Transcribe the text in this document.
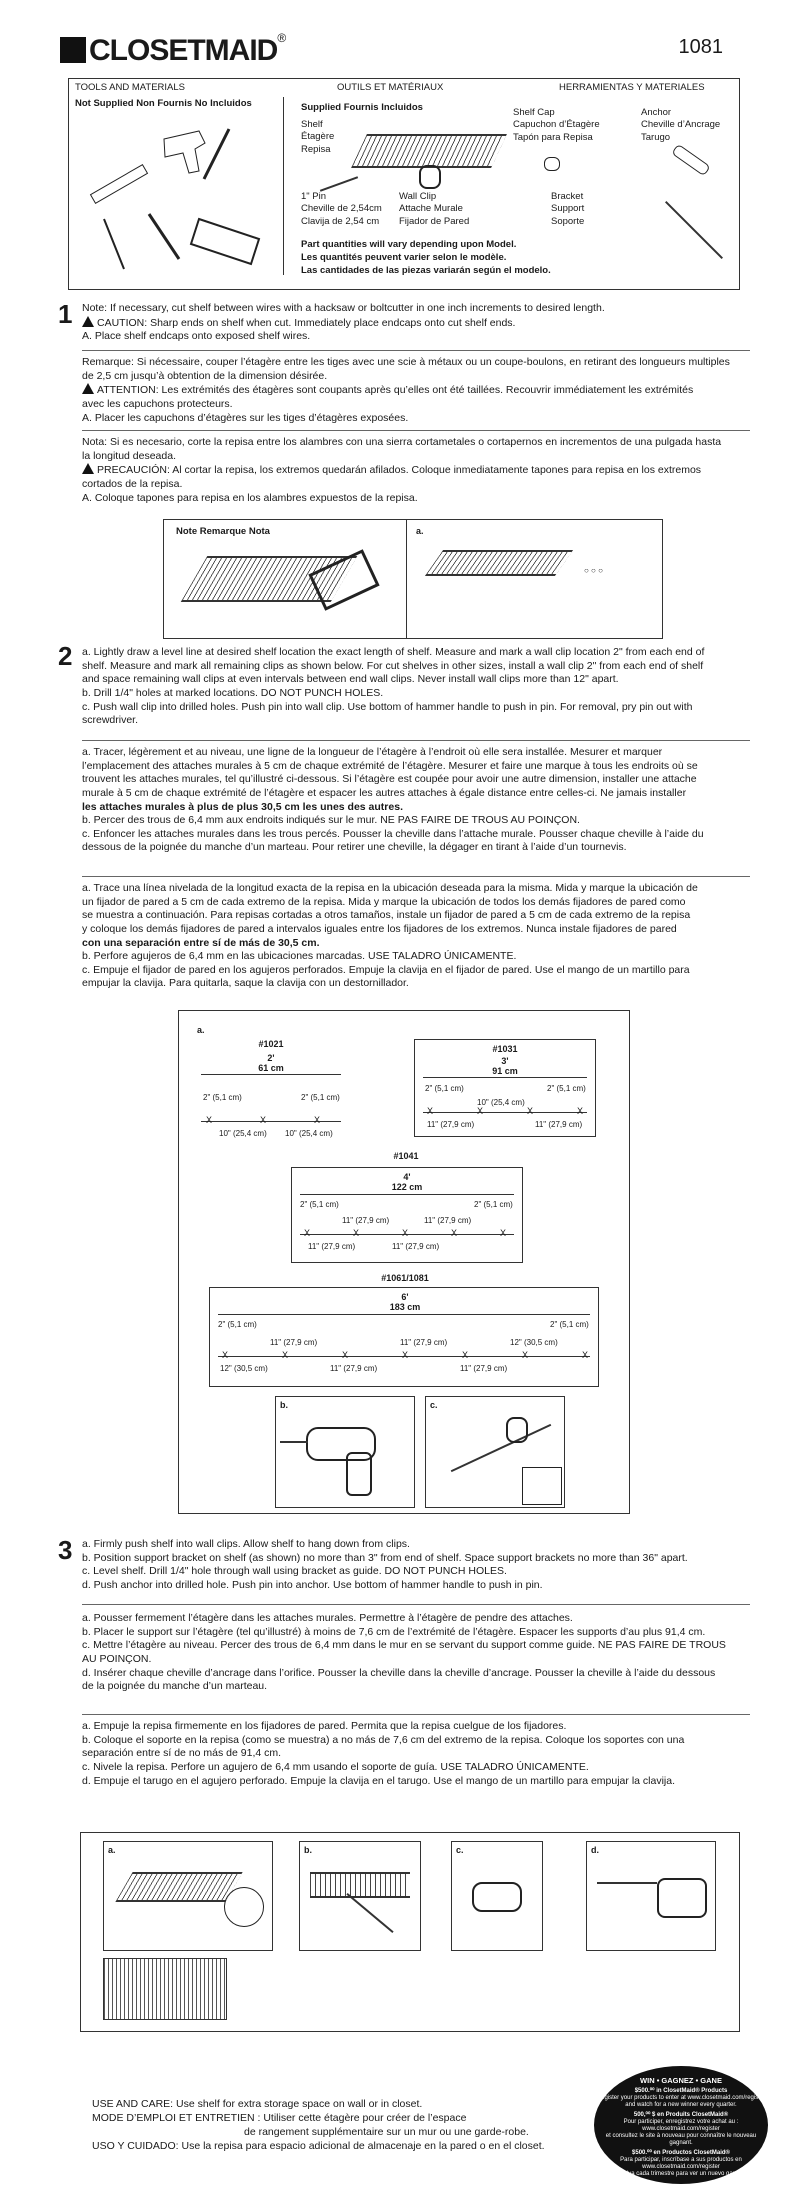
CLOSETMAID®	1081
TOOLS AND MATERIALS	OUTILS ET MATÉRIAUX	HERRAMIENTAS Y MATERIALES
Not Supplied Non Fournis No Incluidos	Supplied Fournis Incluidos
Shelf
Étagère
Repisa
Shelf Cap
Capuchon d’Étagère
Tapón para Repisa
Anchor
Cheville d’Ancrage
Tarugo
1" Pin
Cheville de 2,54cm
Clavija de 2,54 cm
Wall Clip
Attache Murale
Fijador de Pared
Bracket
Support
Soporte
Part quantities will vary depending upon Model.
Les quantités peuvent varier selon le modèle.
Las cantidades de las piezas variarán según el modelo.
1 Note: If necessary, cut shelf between wires with a hacksaw or boltcutter in one inch increments to desired length.
CAUTION: Sharp ends on shelf when cut. Immediately place endcaps onto cut shelf ends.
A. Place shelf endcaps onto exposed shelf wires.
Remarque: Si nécessaire, couper l’étagère entre les tiges avec une scie à métaux ou un coupe-boulons, en retirant des longueurs multiples
de 2,5 cm jusqu’à obtention de la dimension désirée.
ATTENTION: Les extrémités des étagères sont coupants après qu’elles ont été taillées. Recouvrir immédiatement les extrémités
avec les capuchons protecteurs.
A. Placer les capuchons d’étagères sur les tiges d’étagères exposées.
Nota: Si es necesario, corte la repisa entre los alambres con una sierra cortametales o cortapernos en incrementos de una pulgada hasta
la longitud deseada.
PRECAUCIÓN: Al cortar la repisa, los extremos quedarán afilados. Coloque inmediatamente tapones para repisa en los extremos
cortados de la repisa.
A. Coloque tapones para repisa en los alambres expuestos de la repisa.
Note Remarque Nota	a.
○ ○ ○
2 a. Lightly draw a level line at desired shelf location the exact length of shelf. Measure and mark a wall clip location 2" from each end of
shelf. Measure and mark all remaining clips as shown below. For cut shelves in other sizes, install a wall clip 2" from each end of shelf
and space remaining wall clips at even intervals between end wall clips. Never install wall clips more than 12" apart.
b. Drill 1/4" holes at marked locations. DO NOT PUNCH HOLES.
c. Push wall clip into drilled holes. Push pin into wall clip. Use bottom of hammer handle to push in pin. For removal, pry pin out with
screwdriver.
a. Tracer, légèrement et au niveau, une ligne de la longueur de l’étagère à l’endroit où elle sera installée. Mesurer et marquer
l’emplacement des attaches murales à 5 cm de chaque extrémité de l’étagère. Mesurer et faire une marque à tous les endroits où se
trouvent les attaches murales, tel qu’illustré ci-dessous. Si l’étagère est coupée pour avoir une autre dimension, installer une attache
murale à 5 cm de chaque extrémité de l’étagère et espacer les autres attaches à égale distance entre celles-ci. Ne jamais installer
les attaches murales à plus de plus 30,5 cm les unes des autres.
b. Percer des trous de 6,4 mm aux endroits indiqués sur le mur. NE PAS FAIRE DE TROUS AU POINÇON.
c. Enfoncer les attaches murales dans les trous percés. Pousser la cheville dans l’attache murale. Pousser chaque cheville à l’aide du
dessous de la poignée du manche d’un marteau. Pour retirer une cheville, la dégager en tirant à l’aide d’un tournevis.
a. Trace una línea nivelada de la longitud exacta de la repisa en la ubicación deseada para la misma. Mida y marque la ubicación de
un fijador de pared a 5 cm de cada extremo de la repisa. Mida y marque la ubicación de todos los demás fijadores de pared como
se muestra a continuación. Para repisas cortadas a otros tamaños, instale un fijador de pared a 5 cm de cada extremo de la repisa
y coloque los demás fijadores de pared a intervalos iguales entre los fijadores de los extremos. Nunca instale fijadores de pared
con una separación entre sí de más de 30,5 cm.
b. Perfore agujeros de 6,4 mm en las ubicaciones marcadas. USE TALADRO ÚNICAMENTE.
c. Empuje el fijador de pared en los agujeros perforados. Empuje la clavija en el fijador de pared. Use el mango de un martillo para
empujar la clavija. Para quitarla, saque la clavija con un destornillador.
a.
#1021
2'
61 cm
2" (5,1 cm)	2" (5,1 cm)
XXX
10" (25,4 cm) 10" (25,4 cm)
#1031
3'
91 cm
2" (5,1 cm)	2" (5,1 cm)
10" (25,4 cm)
XXXX
11" (27,9 cm)	11" (27,9 cm)
#1041
4'
122 cm
2" (5,1 cm)	2" (5,1 cm)
11" (27,9 cm)	11" (27,9 cm)
XXXXX
11" (27,9 cm)	11" (27,9 cm)
#1061/1081
6'
183 cm
2" (5,1 cm)	2" (5,1 cm)
11" (27,9 cm)	11" (27,9 cm)	12" (30,5 cm)
XXXXXXX
12" (30,5 cm)	11" (27,9 cm)	11" (27,9 cm)
b.	c.
3 a. Firmly push shelf into wall clips. Allow shelf to hang down from clips.
b. Position support bracket on shelf (as shown) no more than 3" from end of shelf. Space support brackets no more than 36" apart.
c. Level shelf. Drill 1/4" hole through wall using bracket as guide. DO NOT PUNCH HOLES.
d. Push anchor into drilled hole. Push pin into anchor. Use bottom of hammer handle to push in pin.
a. Pousser fermement l’étagère dans les attaches murales. Permettre à l’étagère de pendre des attaches.
b. Placer le support sur l’étagère (tel qu’illustré) à moins de 7,6 cm de l’extrémité de l’étagère. Espacer les supports d’au plus 91,4 cm.
c. Mettre l’étagère au niveau. Percer des trous de 6,4 mm dans le mur en se servant du support comme guide. NE PAS FAIRE DE TROUS
AU POINÇON.
d. Insérer chaque cheville d’ancrage dans l’orifice. Pousser la cheville dans la cheville d’ancrage. Pousser la cheville à l’aide du dessous
de la poignée du manche d’un marteau.
a. Empuje la repisa firmemente en los fijadores de pared. Permita que la repisa cuelgue de los fijadores.
b. Coloque el soporte en la repisa (como se muestra) a no más de 7,6 cm del extremo de la repisa. Coloque los soportes con una
separación entre sí de no más de 91,4 cm.
c. Nivele la repisa. Perfore un agujero de 6,4 mm usando el soporte de guía. USE TALADRO ÚNICAMENTE.
d. Empuje el tarugo en el agujero perforado. Empuje la clavija en el tarugo. Use el mango de un martillo para empujar la clavija.
a.	b.	c.	d.
USE AND CARE: Use shelf for extra storage space on wall or in closet.
MODE D’EMPLOI ET ENTRETIEN : Utiliser cette étagère pour créer de l’espace
de rangement supplémentaire sur un mur ou une garde-robe.
USO Y CUIDADO: Use la repisa para espacio adicional de almacenaje en la pared o en el closet.
WIN • GAGNEZ • GANE
$500.⁰⁰ in ClosetMaid® Products
Register your products to enter at www.closetmaid.com/register
and watch for a new winner every quarter.
500,⁰⁰ $ en Produits ClosetMaid®
Pour participer, enregistrez votre achat au : www.closetmaid.com/register
et consultez le site à nouveau pour connaître le nouveau gagnant.
$500.⁰⁰ en Productos ClosetMaid®
Para participar, inscríbase a sus productos en
www.closetmaid.com/register
y vuelva cada trimestre para ver un nuevo ganador.
